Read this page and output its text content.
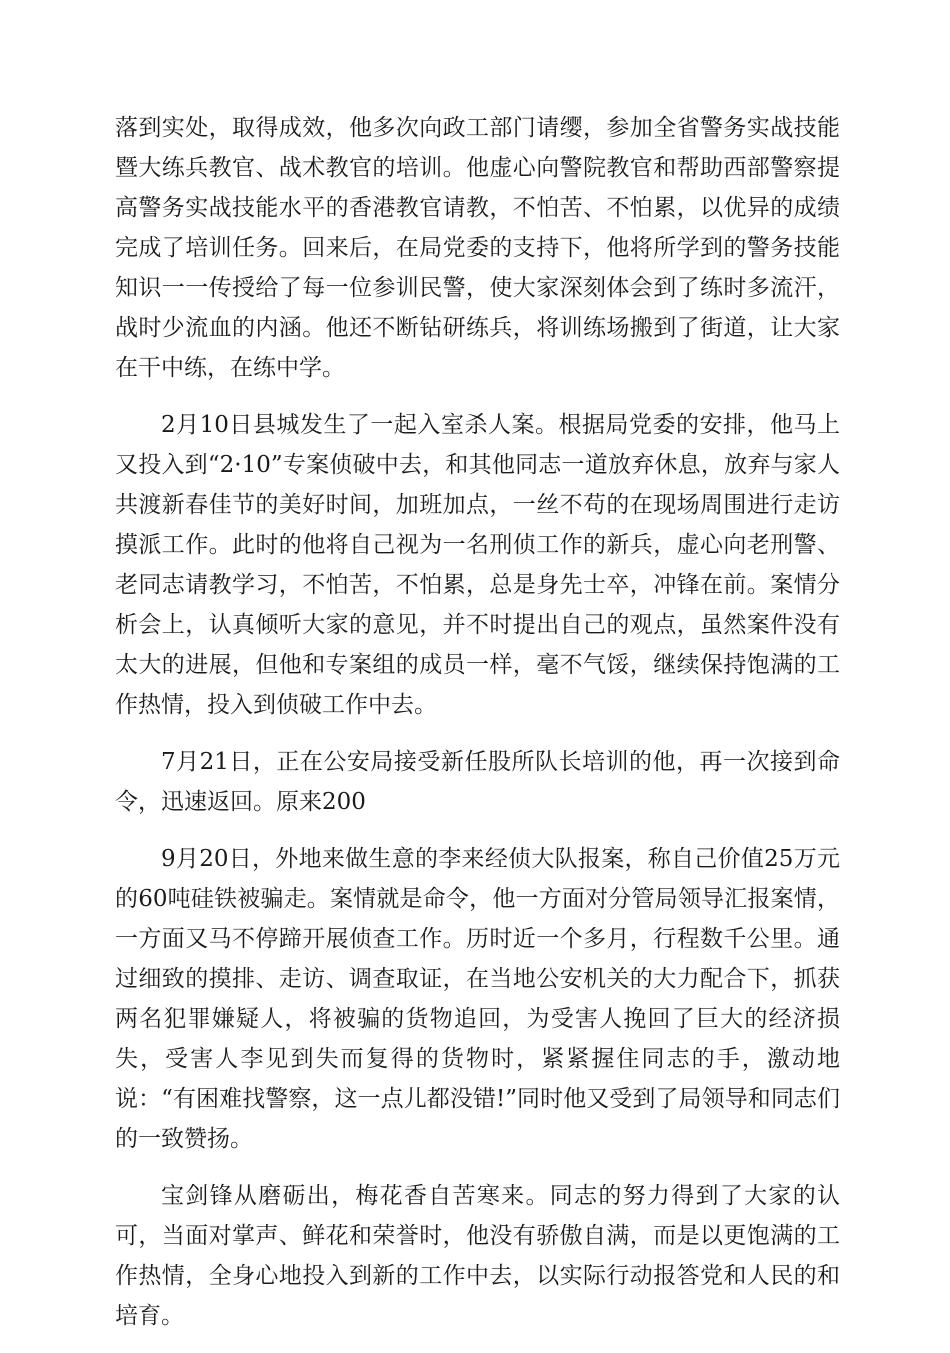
落到实处，取得成效，他多次向政工部门请缨，参加全省警务实战技能暨大练兵教官、战术教官的培训。他虚心向警院教官和帮助西部警察提高警务实战技能水平的香港教官请教，不怕苦、不怕累，以优异的成绩完成了培训任务。回来后，在局党委的支持下，他将所学到的警务技能知识一一传授给了每一位参训民警，使大家深刻体会到了练时多流汗，战时少流血的内涵。他还不断钻研练兵，将训练场搬到了街道，让大家在干中练，在练中学。

2月10日县城发生了一起入室杀人案。根据局党委的安排，他马上又投入到“2·10”专案侦破中去，和其他同志一道放弃休息，放弃与家人共渡新春佳节的美好时间，加班加点，一丝不苟的在现场周围进行走访摸派工作。此时的他将自己视为一名刑侦工作的新兵，虚心向老刑警、老同志请教学习，不怕苦，不怕累，总是身先士卒，冲锋在前。案情分析会上，认真倾听大家的意见，并不时提出自己的观点，虽然案件没有太大的进展，但他和专案组的成员一样，毫不气馁，继续保持饱满的工作热情，投入到侦破工作中去。

7月21日，正在公安局接受新任股所队长培训的他，再一次接到命令，迅速返回。原来200

9月20日，外地来做生意的李来经侦大队报案，称自己价值25万元的60吨硅铁被骗走。案情就是命令，他一方面对分管局领导汇报案情，一方面又马不停蹄开展侦查工作。历时近一个多月，行程数千公里。通过细致的摸排、走访、调查取证，在当地公安机关的大力配合下，抓获两名犯罪嫌疑人，将被骗的货物追回，为受害人挽回了巨大的经济损失，受害人李见到失而复得的货物时，紧紧握住同志的手，激动地说：“有困难找警察，这一点儿都没错!”同时他又受到了局领导和同志们的一致赞扬。

宝剑锋从磨砺出，梅花香自苦寒来。同志的努力得到了大家的认可，当面对掌声、鲜花和荣誉时，他没有骄傲自满，而是以更饱满的工作热情，全身心地投入到新的工作中去，以实际行动报答党和人民的和培育。
